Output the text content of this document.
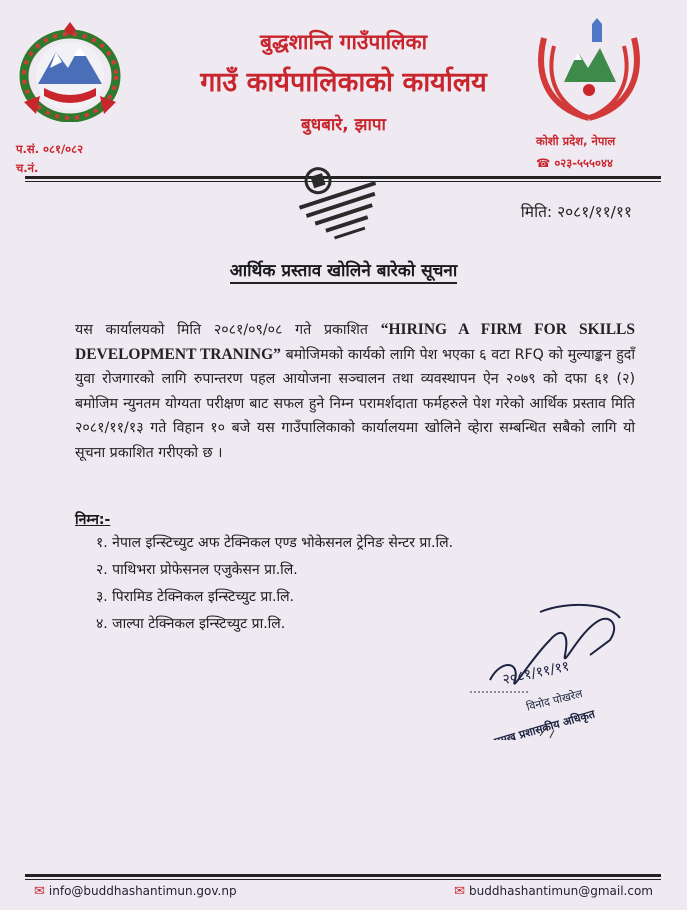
बुद्धशान्ति गाउँपालिका
गाउँ कार्यपालिकाको कार्यालय
बुधबारे, झापा
प.सं. ०८१/०८२
च.नं.
कोशी प्रदेश, नेपाल
☎ ०२३-५५५०४४
मिति: २०८१/११/११
आर्थिक प्रस्ताव खोलिने बारेको सूचना
यस कार्यालयको मिति २०८१/०९/०८ गते प्रकाशित “HIRING A FIRM FOR SKILLS DEVELOPMENT TRANING” बमोजिमको कार्यको लागि पेश भएका ६ वटा RFQ को मुल्याङ्कन हुदाँ युवा रोजगारको लागि रुपान्तरण पहल आयोजना सञ्चालन तथा व्यवस्थापन ऐन २०७९ को दफा ६१ (२) बमोजिम न्युनतम योग्यता परीक्षण बाट सफल हुने निम्न परामर्शदाता फर्महरुले पेश गरेको आर्थिक प्रस्ताव मिति २०८१/११/१३ गते विहान १० बजे यस गाउँपालिकाको कार्यालयमा खोलिने व्हेारा सम्बन्धित सबैको लागि यो सूचना प्रकाशित गरीएको छ ।
निम्न:-
१. नेपाल इन्स्टिच्युट अफ टेक्निकल एण्ड भोकेसनल ट्रेनिङ सेन्टर प्रा.लि.
२. पाथिभरा प्रोफेसनल एजुकेसन प्रा.लि.
३. पिरामिड टेक्निकल इन्स्टिच्युट प्रा.लि.
४. जाल्पा टेक्निकल इन्स्टिच्युट प्रा.लि.
२०८१/११/११
विनोद पोखरेल
प्रमुख प्रशासकीय अधिकृत
✉ info@buddhashantimun.gov.np	✉ buddhashantimun@gmail.com
